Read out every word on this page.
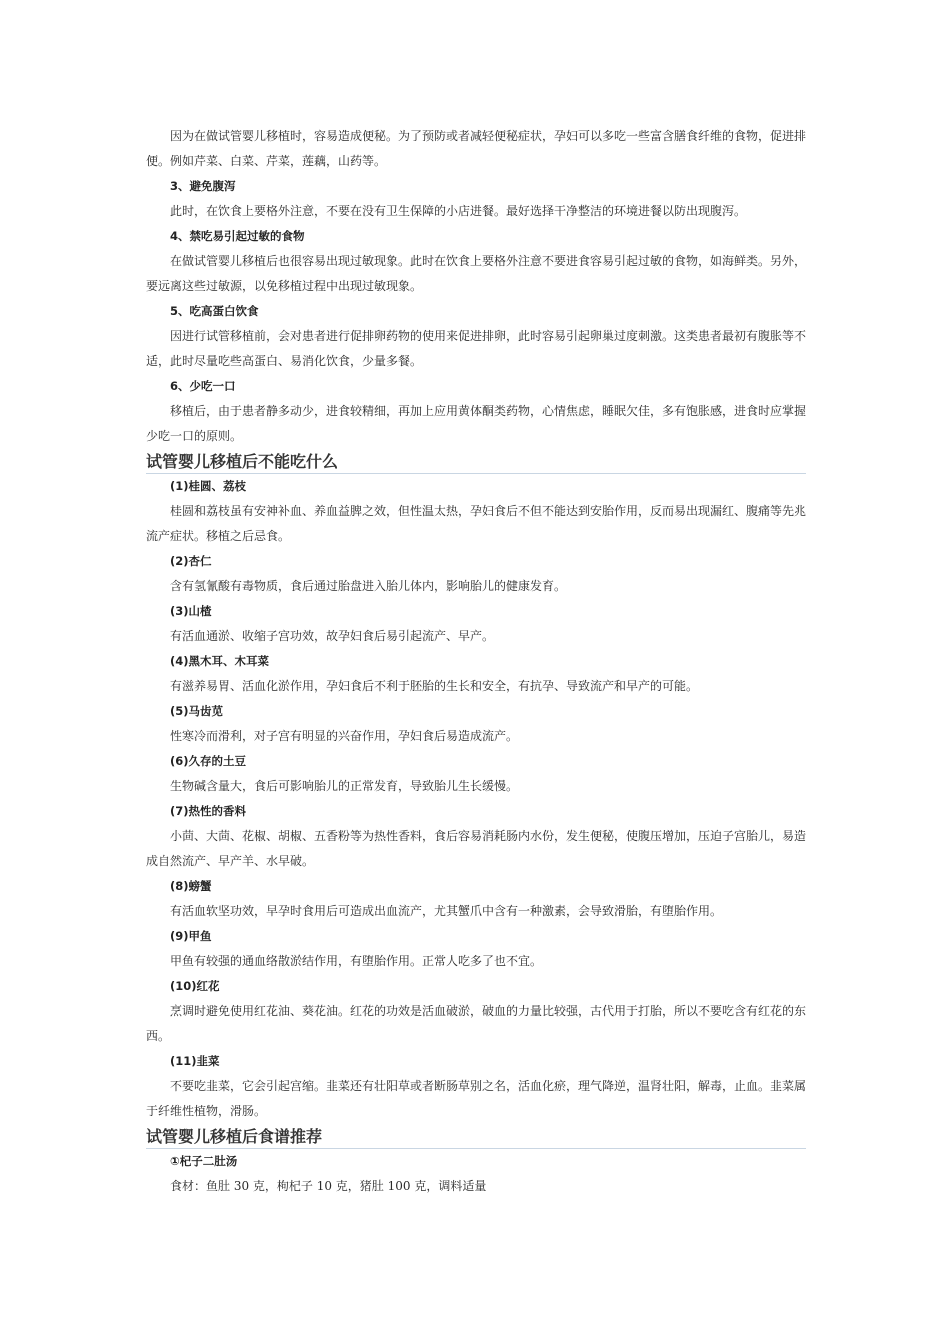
因为在做试管婴儿移植时，容易造成便秘。为了预防或者减轻便秘症状，孕妇可以多吃一些富含膳食纤维的食物，促进排便。例如芹菜、白菜、芹菜，莲藕，山药等。

3、避免腹泻

此时，在饮食上要格外注意，不要在没有卫生保障的小店进餐。最好选择干净整洁的环境进餐以防出现腹泻。

4、禁吃易引起过敏的食物

在做试管婴儿移植后也很容易出现过敏现象。此时在饮食上要格外注意不要进食容易引起过敏的食物，如海鲜类。另外，要远离这些过敏源，以免移植过程中出现过敏现象。

5、吃高蛋白饮食

因进行试管移植前，会对患者进行促排卵药物的使用来促进排卵，此时容易引起卵巢过度刺激。这类患者最初有腹胀等不适，此时尽量吃些高蛋白、易消化饮食，少量多餐。

6、少吃一口

移植后，由于患者静多动少，进食较精细，再加上应用黄体酮类药物，心情焦虑，睡眠欠佳，多有饱胀感，进食时应掌握少吃一口的原则。

试管婴儿移植后不能吃什么

(1)桂圆、荔枝

桂圆和荔枝虽有安神补血、养血益脾之效，但性温太热，孕妇食后不但不能达到安胎作用，反而易出现漏红、腹痛等先兆流产症状。移植之后忌食。

(2)杏仁

含有氢氰酸有毒物质，食后通过胎盘进入胎儿体内，影响胎儿的健康发育。

(3)山楂

有活血通淤、收缩子宫功效，故孕妇食后易引起流产、早产。

(4)黑木耳、木耳菜

有滋养易胃、活血化淤作用，孕妇食后不利于胚胎的生长和安全，有抗孕、导致流产和早产的可能。

(5)马齿苋

性寒冷而滑利，对子宫有明显的兴奋作用，孕妇食后易造成流产。

(6)久存的土豆

生物碱含量大，食后可影响胎儿的正常发育，导致胎儿生长缓慢。

(7)热性的香料

小茴、大茴、花椒、胡椒、五香粉等为热性香料，食后容易消耗肠内水份，发生便秘，使腹压增加，压迫子宫胎儿，易造成自然流产、早产羊、水早破。

(8)螃蟹

有活血软坚功效，早孕时食用后可造成出血流产，尤其蟹爪中含有一种激素，会导致滑胎，有堕胎作用。

(9)甲鱼

甲鱼有较强的通血络散淤结作用，有堕胎作用。正常人吃多了也不宜。

(10)红花

烹调时避免使用红花油、葵花油。红花的功效是活血破淤，破血的力量比较强，古代用于打胎，所以不要吃含有红花的东西。

(11)韭菜

不要吃韭菜，它会引起宫缩。韭菜还有壮阳草或者断肠草别之名，活血化瘀，理气降逆，温肾壮阳，解毒，止血。韭菜属于纤维性植物，滑肠。

试管婴儿移植后食谱推荐

①杞子二肚汤

食材：鱼肚 30 克，枸杞子 10 克，猪肚 100 克，调料适量
